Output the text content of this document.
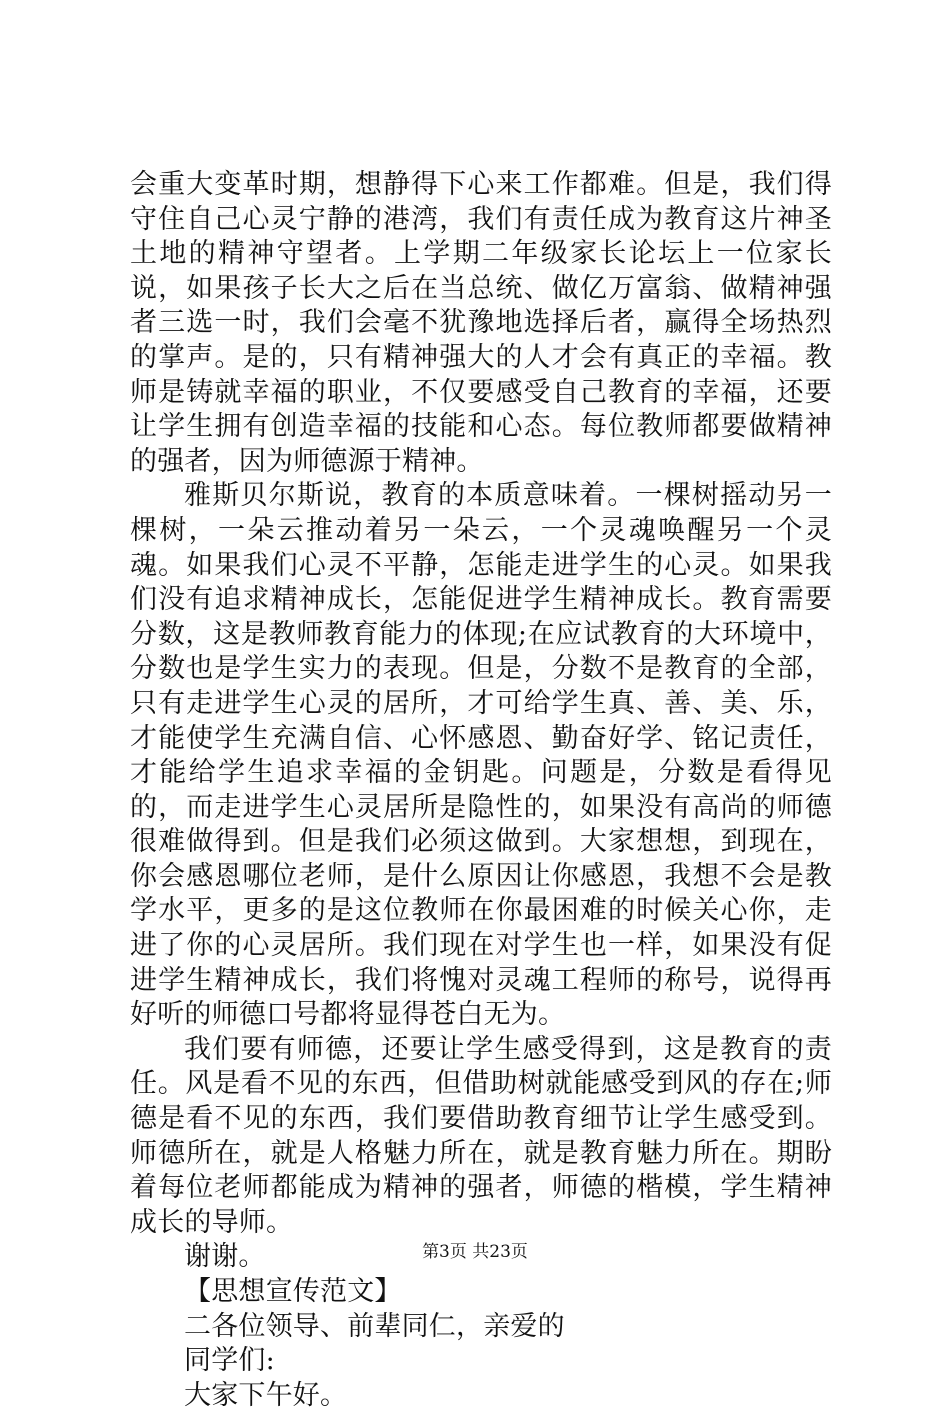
会重大变革时期，想静得下心来工作都难。但是，我们得守住自己心灵宁静的港湾，我们有责任成为教育这片神圣土地的精神守望者。上学期二年级家长论坛上一位家长说，如果孩子长大之后在当总统、做亿万富翁、做精神强者三选一时，我们会毫不犹豫地选择后者，赢得全场热烈的掌声。是的，只有精神强大的人才会有真正的幸福。教师是铸就幸福的职业，不仅要感受自己教育的幸福，还要让学生拥有创造幸福的技能和心态。每位教师都要做精神的强者，因为师德源于精神。

雅斯贝尔斯说，教育的本质意味着。一棵树摇动另一棵树，一朵云推动着另一朵云，一个灵魂唤醒另一个灵魂。如果我们心灵不平静，怎能走进学生的心灵。如果我们没有追求精神成长，怎能促进学生精神成长。教育需要分数，这是教师教育能力的体现;在应试教育的大环境中，分数也是学生实力的表现。但是，分数不是教育的全部，只有走进学生心灵的居所，才可给学生真、善、美、乐，才能使学生充满自信、心怀感恩、勤奋好学、铭记责任，才能给学生追求幸福的金钥匙。问题是，分数是看得见的，而走进学生心灵居所是隐性的，如果没有高尚的师德很难做得到。但是我们必须这做到。大家想想，到现在，你会感恩哪位老师，是什么原因让你感恩，我想不会是教学水平，更多的是这位教师在你最困难的时候关心你，走进了你的心灵居所。我们现在对学生也一样，如果没有促进学生精神成长，我们将愧对灵魂工程师的称号，说得再好听的师德口号都将显得苍白无为。

我们要有师德，还要让学生感受得到，这是教育的责任。风是看不见的东西，但借助树就能感受到风的存在;师德是看不见的东西，我们要借助教育细节让学生感受到。师德所在，就是人格魅力所在，就是教育魅力所在。期盼着每位老师都能成为精神的强者，师德的楷模，学生精神成长的导师。

谢谢。

【思想宣传范文】

二各位领导、前辈同仁，亲爱的

同学们:

大家下午好。

第3页 共23页
